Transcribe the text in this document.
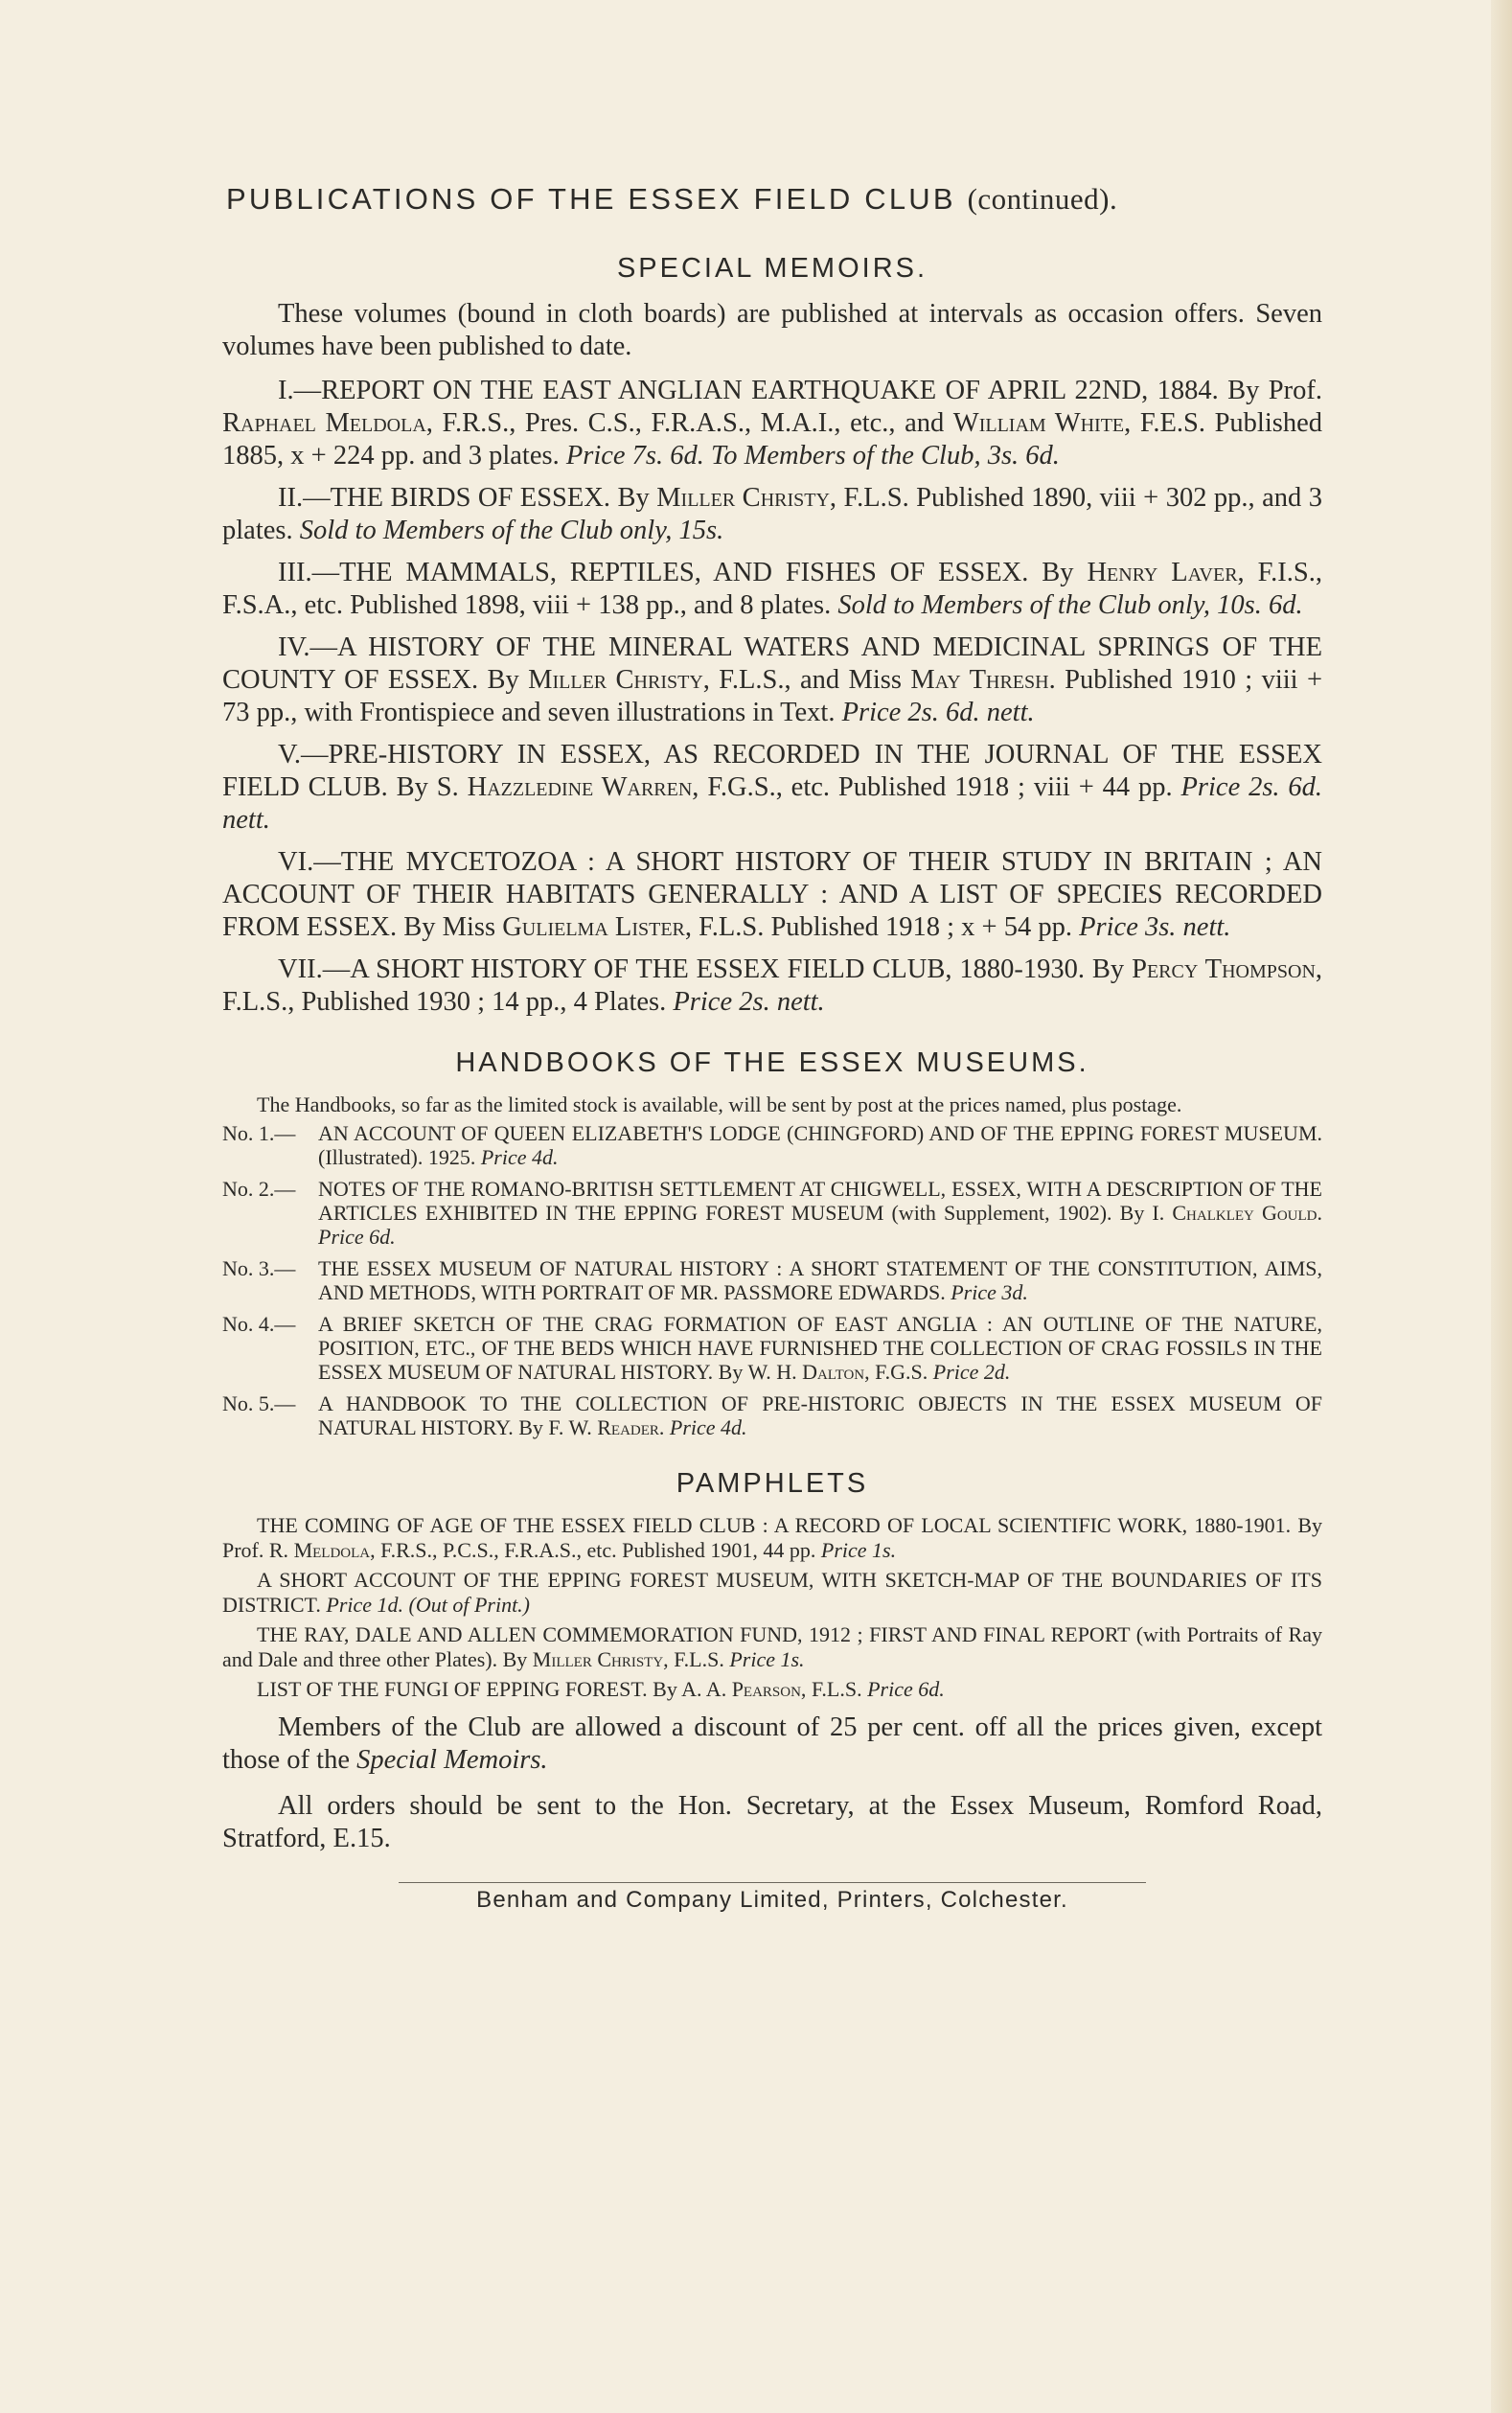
PUBLICATIONS OF THE ESSEX FIELD CLUB (continued).
SPECIAL MEMOIRS.

These volumes (bound in cloth boards) are published at intervals as occasion offers. Seven volumes have been published to date.

I.—REPORT ON THE EAST ANGLIAN EARTHQUAKE OF APRIL 22ND, 1884. By Prof. Raphael Meldola, F.R.S., Pres. C.S., F.R.A.S., M.A.I., etc., and William White, F.E.S. Published 1885, x + 224 pp. and 3 plates. Price 7s. 6d. To Members of the Club, 3s. 6d.

II.—THE BIRDS OF ESSEX. By Miller Christy, F.L.S. Published 1890, viii + 302 pp., and 3 plates. Sold to Members of the Club only, 15s.

III.—THE MAMMALS, REPTILES, AND FISHES OF ESSEX. By Henry Laver, F.I.S., F.S.A., etc. Published 1898, viii + 138 pp., and 8 plates. Sold to Members of the Club only, 10s. 6d.

IV.—A HISTORY OF THE MINERAL WATERS AND MEDICINAL SPRINGS OF THE COUNTY OF ESSEX. By Miller Christy, F.L.S., and Miss May Thresh. Published 1910 ; viii + 73 pp., with Frontispiece and seven illustrations in Text. Price 2s. 6d. nett.

V.—PRE-HISTORY IN ESSEX, AS RECORDED IN THE JOURNAL OF THE ESSEX FIELD CLUB. By S. Hazzledine Warren, F.G.S., etc. Published 1918 ; viii + 44 pp. Price 2s. 6d. nett.

VI.—THE MYCETOZOA : A SHORT HISTORY OF THEIR STUDY IN BRITAIN ; AN ACCOUNT OF THEIR HABITATS GENERALLY : AND A LIST OF SPECIES RECORDED FROM ESSEX. By Miss Gulielma Lister, F.L.S. Published 1918 ; x + 54 pp. Price 3s. nett.

VII.—A SHORT HISTORY OF THE ESSEX FIELD CLUB, 1880-1930. By Percy Thompson, F.L.S., Published 1930 ; 14 pp., 4 Plates. Price 2s. nett.

HANDBOOKS OF THE ESSEX MUSEUMS.

The Handbooks, so far as the limited stock is available, will be sent by post at the prices named, plus postage.

No. 1.—	AN ACCOUNT OF QUEEN ELIZABETH'S LODGE (CHINGFORD) AND OF THE EPPING FOREST MUSEUM. (Illustrated). 1925. Price 4d.
No. 2.—	NOTES OF THE ROMANO-BRITISH SETTLEMENT AT CHIGWELL, ESSEX, WITH A DESCRIPTION OF THE ARTICLES EXHIBITED IN THE EPPING FOREST MUSEUM (with Supplement, 1902). By I. Chalkley Gould. Price 6d.
No. 3.—	THE ESSEX MUSEUM OF NATURAL HISTORY : A SHORT STATEMENT OF THE CONSTITUTION, AIMS, AND METHODS, WITH PORTRAIT OF MR. PASSMORE EDWARDS. Price 3d.
No. 4.—	A BRIEF SKETCH OF THE CRAG FORMATION OF EAST ANGLIA : AN OUTLINE OF THE NATURE, POSITION, ETC., OF THE BEDS WHICH HAVE FURNISHED THE COLLECTION OF CRAG FOSSILS IN THE ESSEX MUSEUM OF NATURAL HISTORY. By W. H. Dalton, F.G.S. Price 2d.
No. 5.—	A HANDBOOK TO THE COLLECTION OF PRE-HISTORIC OBJECTS IN THE ESSEX MUSEUM OF NATURAL HISTORY. By F. W. Reader. Price 4d.
PAMPHLETS

THE COMING OF AGE OF THE ESSEX FIELD CLUB : A RECORD OF LOCAL SCIENTIFIC WORK, 1880-1901. By Prof. R. Meldola, F.R.S., P.C.S., F.R.A.S., etc. Published 1901, 44 pp. Price 1s.

A SHORT ACCOUNT OF THE EPPING FOREST MUSEUM, WITH SKETCH-MAP OF THE BOUNDARIES OF ITS DISTRICT. Price 1d. (Out of Print.)

THE RAY, DALE AND ALLEN COMMEMORATION FUND, 1912 ; FIRST AND FINAL REPORT (with Portraits of Ray and Dale and three other Plates). By Miller Christy, F.L.S. Price 1s.

LIST OF THE FUNGI OF EPPING FOREST. By A. A. Pearson, F.L.S. Price 6d.

Members of the Club are allowed a discount of 25 per cent. off all the prices given, except those of the Special Memoirs.

All orders should be sent to the Hon. Secretary, at the Essex Museum, Romford Road, Stratford, E.15.

Benham and Company Limited, Printers, Colchester.
